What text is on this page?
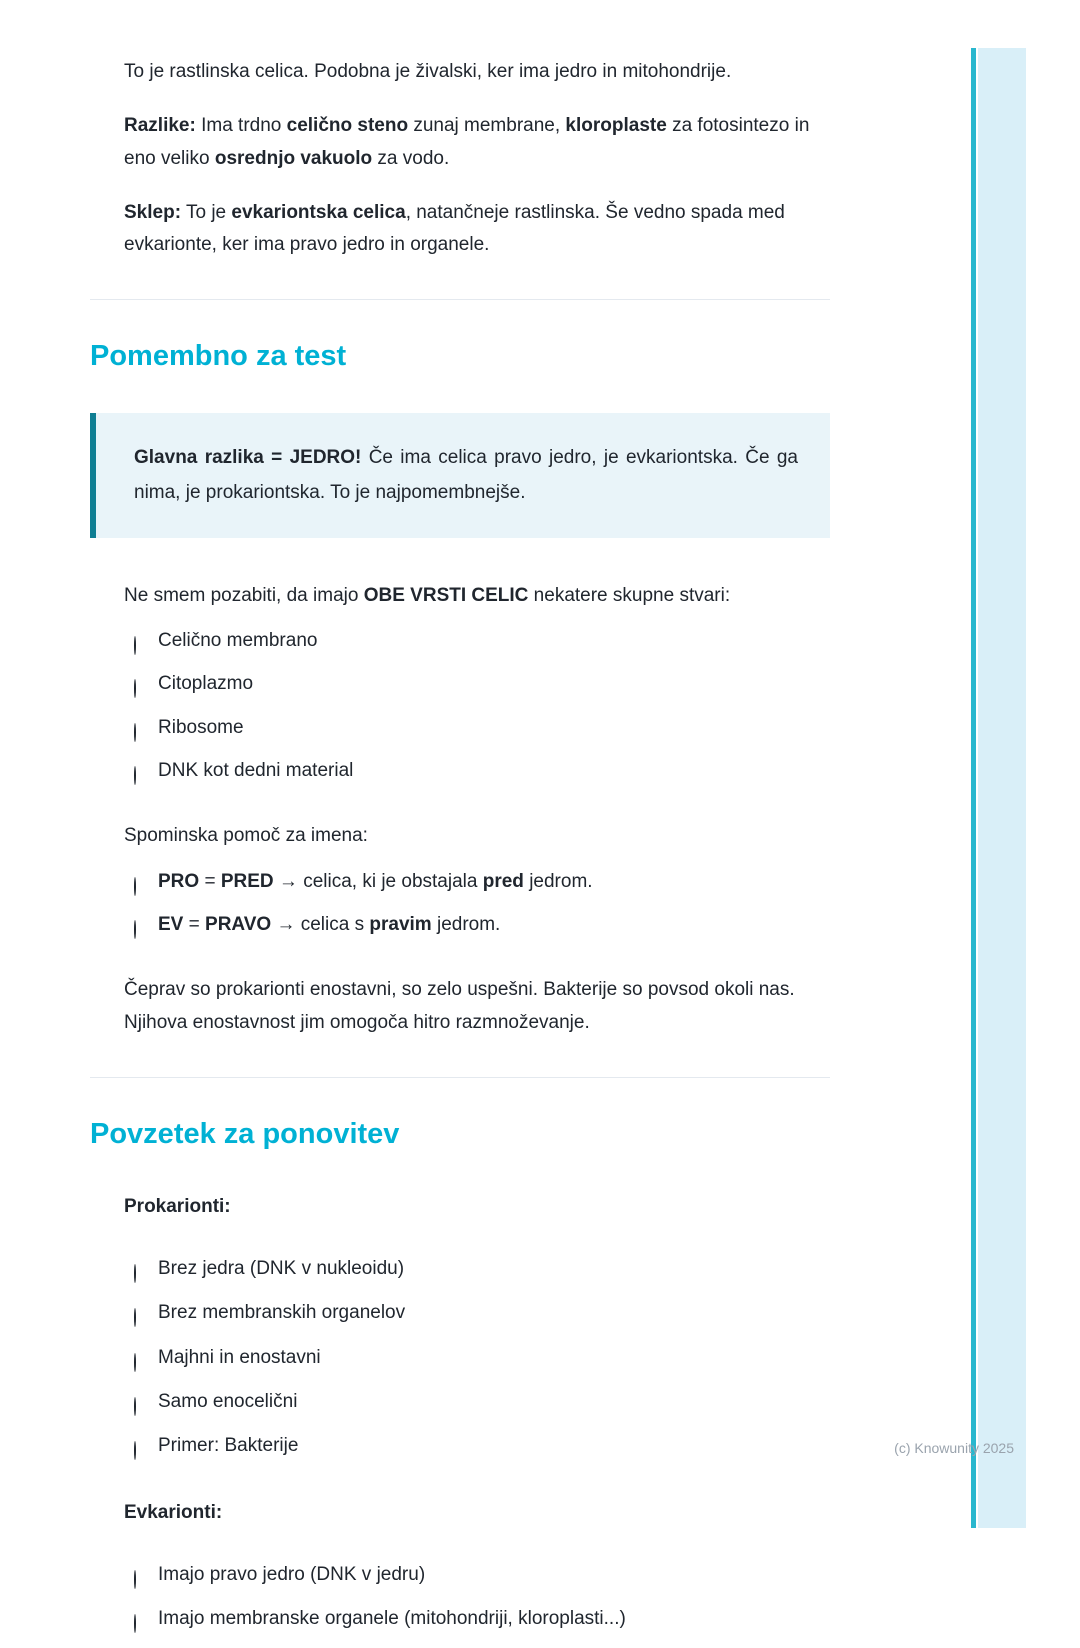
To je rastlinska celica. Podobna je živalski, ker ima jedro in mitohondrije.
Razlike: Ima trdno celično steno zunaj membrane, kloroplaste za fotosintezo in eno veliko osrednjo vakuolo za vodo.
Sklep: To je evkariontska celica, natančneje rastlinska. Še vedno spada med evkarionte, ker ima pravo jedro in organele.
Pomembno za test
Glavna razlika = JEDRO! Če ima celica pravo jedro, je evkariontska. Če ga nima, je prokariontska. To je najpomembnejše.
Ne smem pozabiti, da imajo OBE VRSTI CELIC nekatere skupne stvari:
Celično membrano
Citoplazmo
Ribosome
DNK kot dedni material
Spominska pomoč za imena:
PRO = PRED → celica, ki je obstajala pred jedrom.
EV = PRAVO → celica s pravim jedrom.
Čeprav so prokarionti enostavni, so zelo uspešni. Bakterije so povsod okoli nas. Njihova enostavnost jim omogoča hitro razmnoževanje.
Povzetek za ponovitev
Prokarionti:
Brez jedra (DNK v nukleoidu)
Brez membranskih organelov
Majhni in enostavni
Samo enocelični
Primer: Bakterije
Evkarionti:
Imajo pravo jedro (DNK v jedru)
Imajo membranske organele (mitohondriji, kloroplasti...)
(c) Knowunity 2025
